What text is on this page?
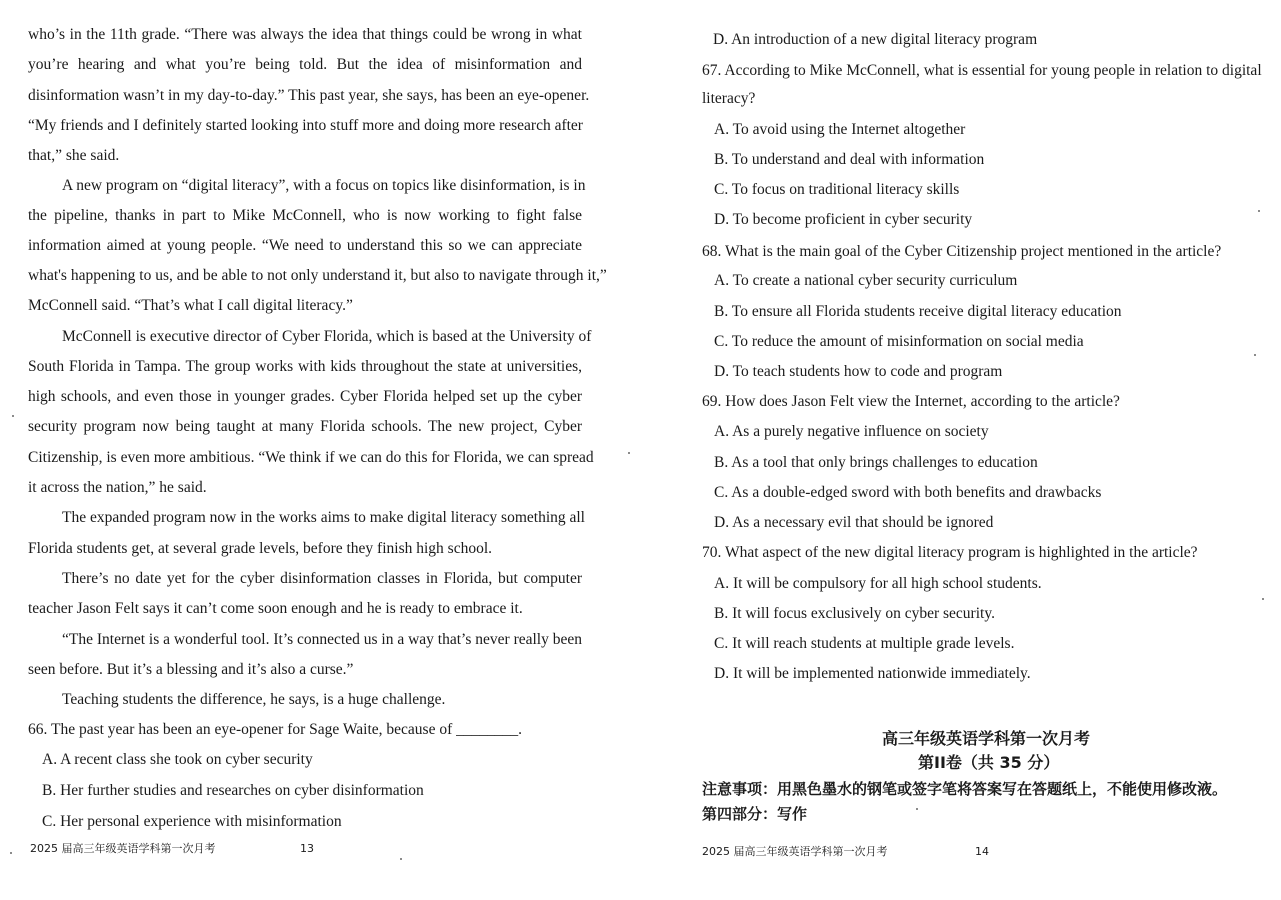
who’s in the 11th grade. “There was always the idea that things could be wrong in what
you’re hearing and what you’re being told. But the idea of misinformation and
disinformation wasn’t in my day-to-day.” This past year, she says, has been an eye-opener.
“My friends and I definitely started looking into stuff more and doing more research after
that,” she said.
A new program on “digital literacy”, with a focus on topics like disinformation, is in
the pipeline, thanks in part to Mike McConnell, who is now working to fight false
information aimed at young people. “We need to understand this so we can appreciate
what's happening to us, and be able to not only understand it, but also to navigate through it,”
McConnell said. “That’s what I call digital literacy.”
McConnell is executive director of Cyber Florida, which is based at the University of
South Florida in Tampa. The group works with kids throughout the state at universities,
high schools, and even those in younger grades. Cyber Florida helped set up the cyber
security program now being taught at many Florida schools. The new project, Cyber
Citizenship, is even more ambitious. “We think if we can do this for Florida, we can spread
it across the nation,” he said.
The expanded program now in the works aims to make digital literacy something all
Florida students get, at several grade levels, before they finish high school.
There’s no date yet for the cyber disinformation classes in Florida, but computer
teacher Jason Felt says it can’t come soon enough and he is ready to embrace it.
“The Internet is a wonderful tool. It’s connected us in a way that’s never really been
seen before. But it’s a blessing and it’s also a curse.”
Teaching students the difference, he says, is a huge challenge.
66. The past year has been an eye-opener for Sage Waite, because of ________.
A. A recent class she took on cyber security
B. Her further studies and researches on cyber disinformation
C. Her personal experience with misinformation
2025 届高三年级英语学科第一次月考	13
D. An introduction of a new digital literacy program
67. According to Mike McConnell, what is essential for young people in relation to digital
literacy?
A. To avoid using the Internet altogether
B. To understand and deal with information
C. To focus on traditional literacy skills
D. To become proficient in cyber security
68. What is the main goal of the Cyber Citizenship project mentioned in the article?
A. To create a national cyber security curriculum
B. To ensure all Florida students receive digital literacy education
C. To reduce the amount of misinformation on social media
D. To teach students how to code and program
69. How does Jason Felt view the Internet, according to the article?
A. As a purely negative influence on society
B. As a tool that only brings challenges to education
C. As a double-edged sword with both benefits and drawbacks
D. As a necessary evil that should be ignored
70. What aspect of the new digital literacy program is highlighted in the article?
A. It will be compulsory for all high school students.
B. It will focus exclusively on cyber security.
C. It will reach students at multiple grade levels.
D. It will be implemented nationwide immediately.
高三年级英语学科第一次月考
第II卷（共 35 分）
注意事项：用黑色墨水的钢笔或签字笔将答案写在答题纸上，不能使用修改液。
第四部分：写作
2025 届高三年级英语学科第一次月考	14
